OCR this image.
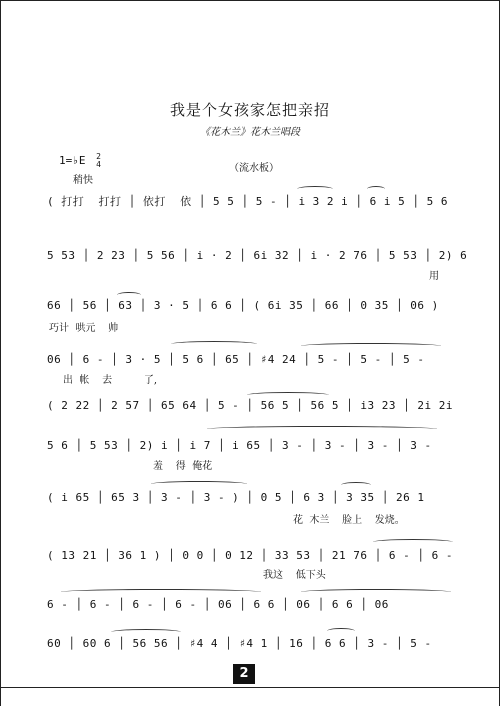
我是个女孩家怎把亲招
《花木兰》花木兰唱段
1=♭E 2
4	（流水板）
稍快
( 打打  打打 │ 依打  依 │ 5 5 │ 5 - │ i 3 2 i │ 6 i 5 │ 5 6
5 53 │ 2 23 │ 5 56 │ i · 2 │ 6i 32 │ i · 2 76 │ 5 53 │ 2) 6
用
66 │ 56 │ 63 │ 3 · 5 │ 6 6 │ ( 6i 35 │ 66 │ 0 35 │ 06 )
巧计  哄元    帅
06 │ 6 - │ 3 · 5 │ 5 6 │ 65 │ ♯4 24 │ 5 - │ 5 - │ 5 -
出  帐    去          了,
( 2 22 │ 2 57 │ 65 64 │ 5 - │ 56 5 │ 56 5 │ i3 23 │ 2i 2i
5 6 │ 5 53 │ 2) i │ i 7 │ i 65 │ 3 - │ 3 - │ 3 - │ 3 -
羞    得  俺花
( i 65 │ 65 3 │ 3 - │ 3 - ) │ 0 5 │ 6 3 │ 3 35 │ 26 1
花  木兰    脸上    发烧。
( 13 21 │ 36 1 ) │ 0 0 │ 0 12 │ 33 53 │ 21 76 │ 6 - │ 6 -
我这    低下头
6 - │ 6 - │ 6 - │ 6 - │ 06 │ 6 6 │ 06 │ 6 6 │ 06
60 │ 60 6 │ 56 56 │ ♯4 4 │ ♯4 1 │ 16 │ 6 6 │ 3 - │ 5 -
2
